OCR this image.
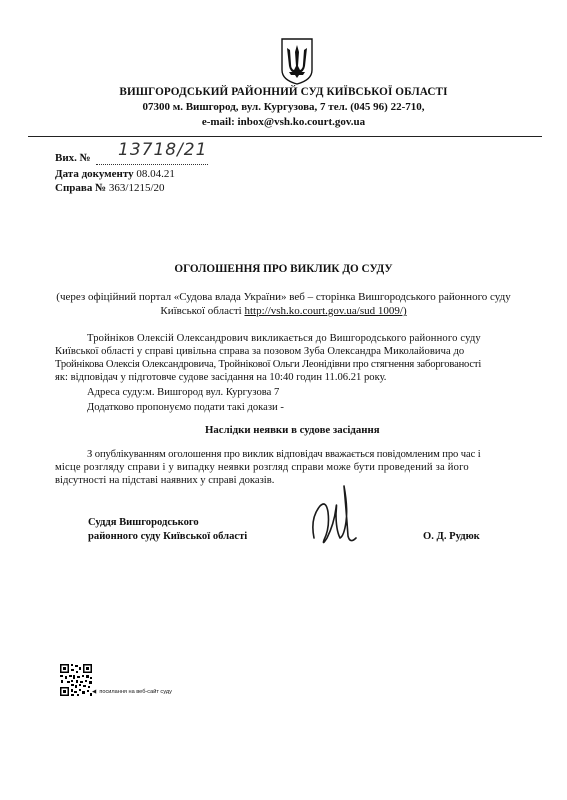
ВИШГОРОДСЬКИЙ РАЙОННИЙ СУД КИЇВСЬКОЇ ОБЛАСТІ
07300 м. Вишгород, вул. Кургузова, 7 тел. (045 96) 22-710,
e-mail: inbox@vsh.ko.court.gov.ua
Вих. № 13718/21
Дата документу 08.04.21
Справа № 363/1215/20
ОГОЛОШЕННЯ ПРО ВИКЛИК ДО СУДУ
(через офіційний портал «Судова влада України» веб – сторінка Вишгородського районного суду
Київської області http://vsh.ko.court.gov.ua/sud 1009/)
Тройніков Олексій Олександрович викликається до Вишгородського районного суду
Київської області у справі цивільна справа за позовом Зуба Олександра Миколайовича до
Тройнікова Олексія Олександровича, Тройнікової Ольги Леонідівни про стягнення заборгованості
як: відповідач у підготовче судове засідання на 10:40 годин 11.06.21 року.
Адреса суду:м. Вишгород вул. Кургузова 7
Додатково пропонуємо подати такі докази -
Наслідки неявки в судове засідання
З опублікуванням оголошення про виклик відповідач вважається повідомленим про час і
місце розгляду справи і у випадку неявки розгляд справи може бути проведений за його
відсутності на підставі наявних у справі доказів.
Суддя Вишгородського
районного суду Київської області	О. Д. Рудюк
◀ посилання на веб-сайт суду
